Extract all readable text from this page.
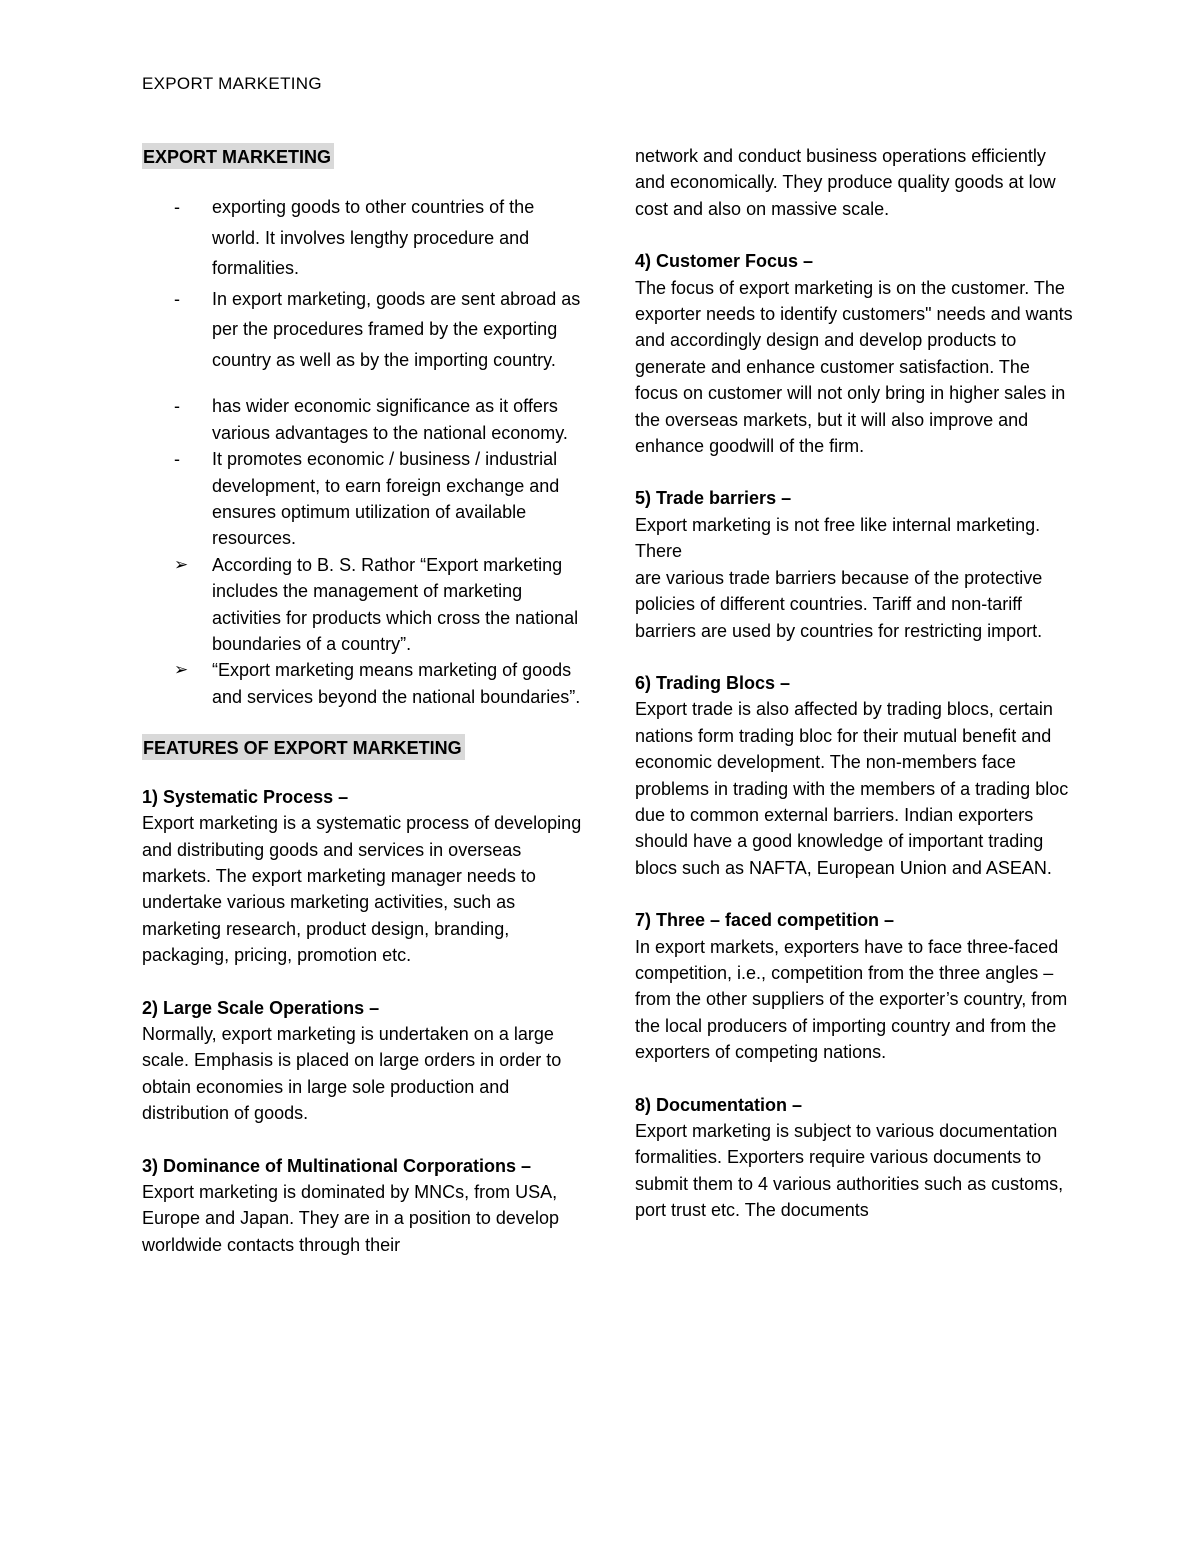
EXPORT MARKETING
EXPORT MARKETING
- exporting goods to other countries of the world. It involves lengthy procedure and formalities.
- In export marketing, goods are sent abroad as per the procedures framed by the exporting country as well as by the importing country.
- has wider economic significance as it offers various advantages to the national economy.
- It promotes economic / business / industrial development, to earn foreign exchange and ensures optimum utilization of available resources.
➢ According to B. S. Rathor “Export marketing includes the management of marketing activities for products which cross the national boundaries of a country”.
➢ “Export marketing means marketing of goods and services beyond the national boundaries”.
FEATURES OF EXPORT MARKETING

1) Systematic Process –

Export marketing is a systematic process of developing and distributing goods and services in overseas markets. The export marketing manager needs to undertake various marketing activities, such as marketing research, product design, branding, packaging, pricing, promotion etc.

2) Large Scale Operations –

Normally, export marketing is undertaken on a large scale. Emphasis is placed on large orders in order to obtain economies in large sole production and distribution of goods.

3) Dominance of Multinational Corporations –

Export marketing is dominated by MNCs, from USA, Europe and Japan. They are in a position to develop worldwide contacts through their

network and conduct business operations efficiently and economically. They produce quality goods at low cost and also on massive scale.

4) Customer Focus –

The focus of export marketing is on the customer. The exporter needs to identify customers" needs and wants and accordingly design and develop products to generate and enhance customer satisfaction. The focus on customer will not only bring in higher sales in the overseas markets, but it will also improve and

enhance goodwill of the firm.

5) Trade barriers –

Export marketing is not free like internal marketing. There

are various trade barriers because of the protective policies of different countries. Tariff and non-tariff barriers are used by countries for restricting import.

6) Trading Blocs –

Export trade is also affected by trading blocs, certain nations form trading bloc for their mutual benefit and economic development. The non-members face problems in trading with the members of a trading bloc due to common external barriers. Indian exporters should have a good knowledge of important trading blocs such as NAFTA, European Union and ASEAN.

7) Three – faced competition –

In export markets, exporters have to face three-faced competition, i.e., competition from the three angles – from the other suppliers of the exporter’s country, from the local producers of importing country and from the exporters of competing nations.

8) Documentation –

Export marketing is subject to various documentation formalities. Exporters require various documents to submit them to 4 various authorities such as customs, port trust etc. The documents
